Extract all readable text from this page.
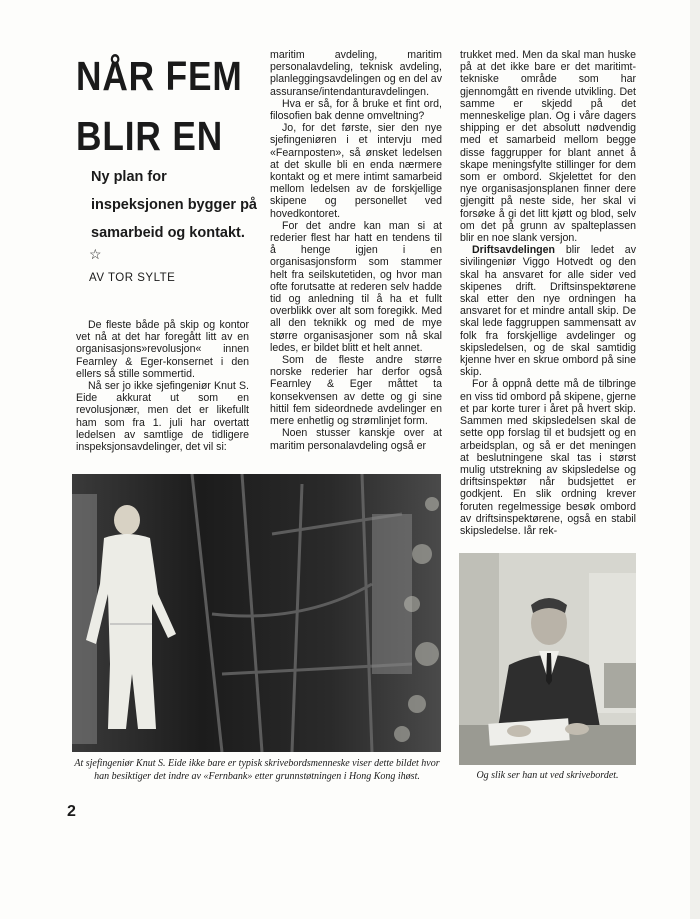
NÅR FEM
BLIR EN

Ny plan for inspeksjonen bygger på samarbeid og kontakt.

☆
AV TOR SYLTE

De fleste både på skip og kontor vet nå at det har foregått litt av en organisasjons»revolusjon« innen Fearnley & Eger-konsernet i den ellers så stille sommertid.

Nå ser jo ikke sjefingeniør Knut S. Eide akkurat ut som en revolusjonær, men det er likefullt ham som fra 1. juli har overtatt ledelsen av samtlige de tidligere inspeksjonsavdelinger, det vil si:

maritim avdeling, maritim personalavdeling, teknisk avdeling, planleggingsavdelingen og en del av assuranse/intendanturavdelingen.

Hva er så, for å bruke et fint ord, filosofien bak denne omveltning?

Jo, for det første, sier den nye sjefingeniøren i et intervju med «Fearnposten», så ønsket ledelsen at det skulle bli en enda nærmere kontakt og et mere intimt samarbeid mellom ledelsen av de forskjellige skipene og personellet ved hovedkontoret.

For det andre kan man si at rederier flest har hatt en tendens til å henge igjen i en organisasjonsform som stammer helt fra seilskutetiden, og hvor man ofte forutsatte at rederen selv hadde tid og anledning til å ha et fullt overblikk over alt som foregikk. Med all den teknikk og med de mye større organisasjoner som nå skal ledes, er bildet blitt et helt annet.

Som de fleste andre større norske rederier har derfor også Fearnley & Eger måttet ta konsekvensen av dette og gi sine hittil fem sideordnede avdelinger en mere enhetlig og strømlinjet form.

Noen stusser kanskje over at maritim personalavdeling også er

trukket med. Men da skal man huske på at det ikke bare er det maritimt-tekniske område som har gjennomgått en rivende utvikling. Det samme er skjedd på det menneskelige plan. Og i våre dagers shipping er det absolutt nødvendig med et samarbeid mellom begge disse faggrupper for blant annet å skape meningsfylte stillinger for dem som er ombord. Skjelettet for den nye organisasjonsplanen finner dere gjengitt på neste side, her skal vi forsøke å gi det litt kjøtt og blod, selv om det på grunn av spalteplassen blir en noe slank versjon.

Driftsavdelingen blir ledet av sivilingeniør Viggo Hotvedt og den skal ha ansvaret for alle sider ved skipenes drift. Driftsinspektørene skal etter den nye ordningen ha ansvaret for et mindre antall skip. De skal lede faggruppen sammensatt av folk fra forskjellige avdelinger og skipsledelsen, og de skal samtidig kjenne hver en skrue ombord på sine skip.

For å oppnå dette må de tilbringe en viss tid ombord på skipene, gjerne et par korte turer i året på hvert skip. Sammen med skipsledelsen skal de sette opp forslag til et budsjett og en arbeidsplan, og så er det meningen at beslutningene skal tas i størst mulig utstrekning av skipsledelse og driftsinspektør når budsjettet er godkjent. En slik ordning krever foruten regelmessige besøk ombord av driftsinspektørene, også en stabil skipsledelse. Iår rek-

At sjefingeniør Knut S. Eide ikke bare er typisk skrivebordsmenneske viser dette bildet hvor han besiktiger det indre av «Fernbank» etter grunnstøtningen i Hong Kong ihøst.	Og slik ser han ut ved skrivebordet.

2
